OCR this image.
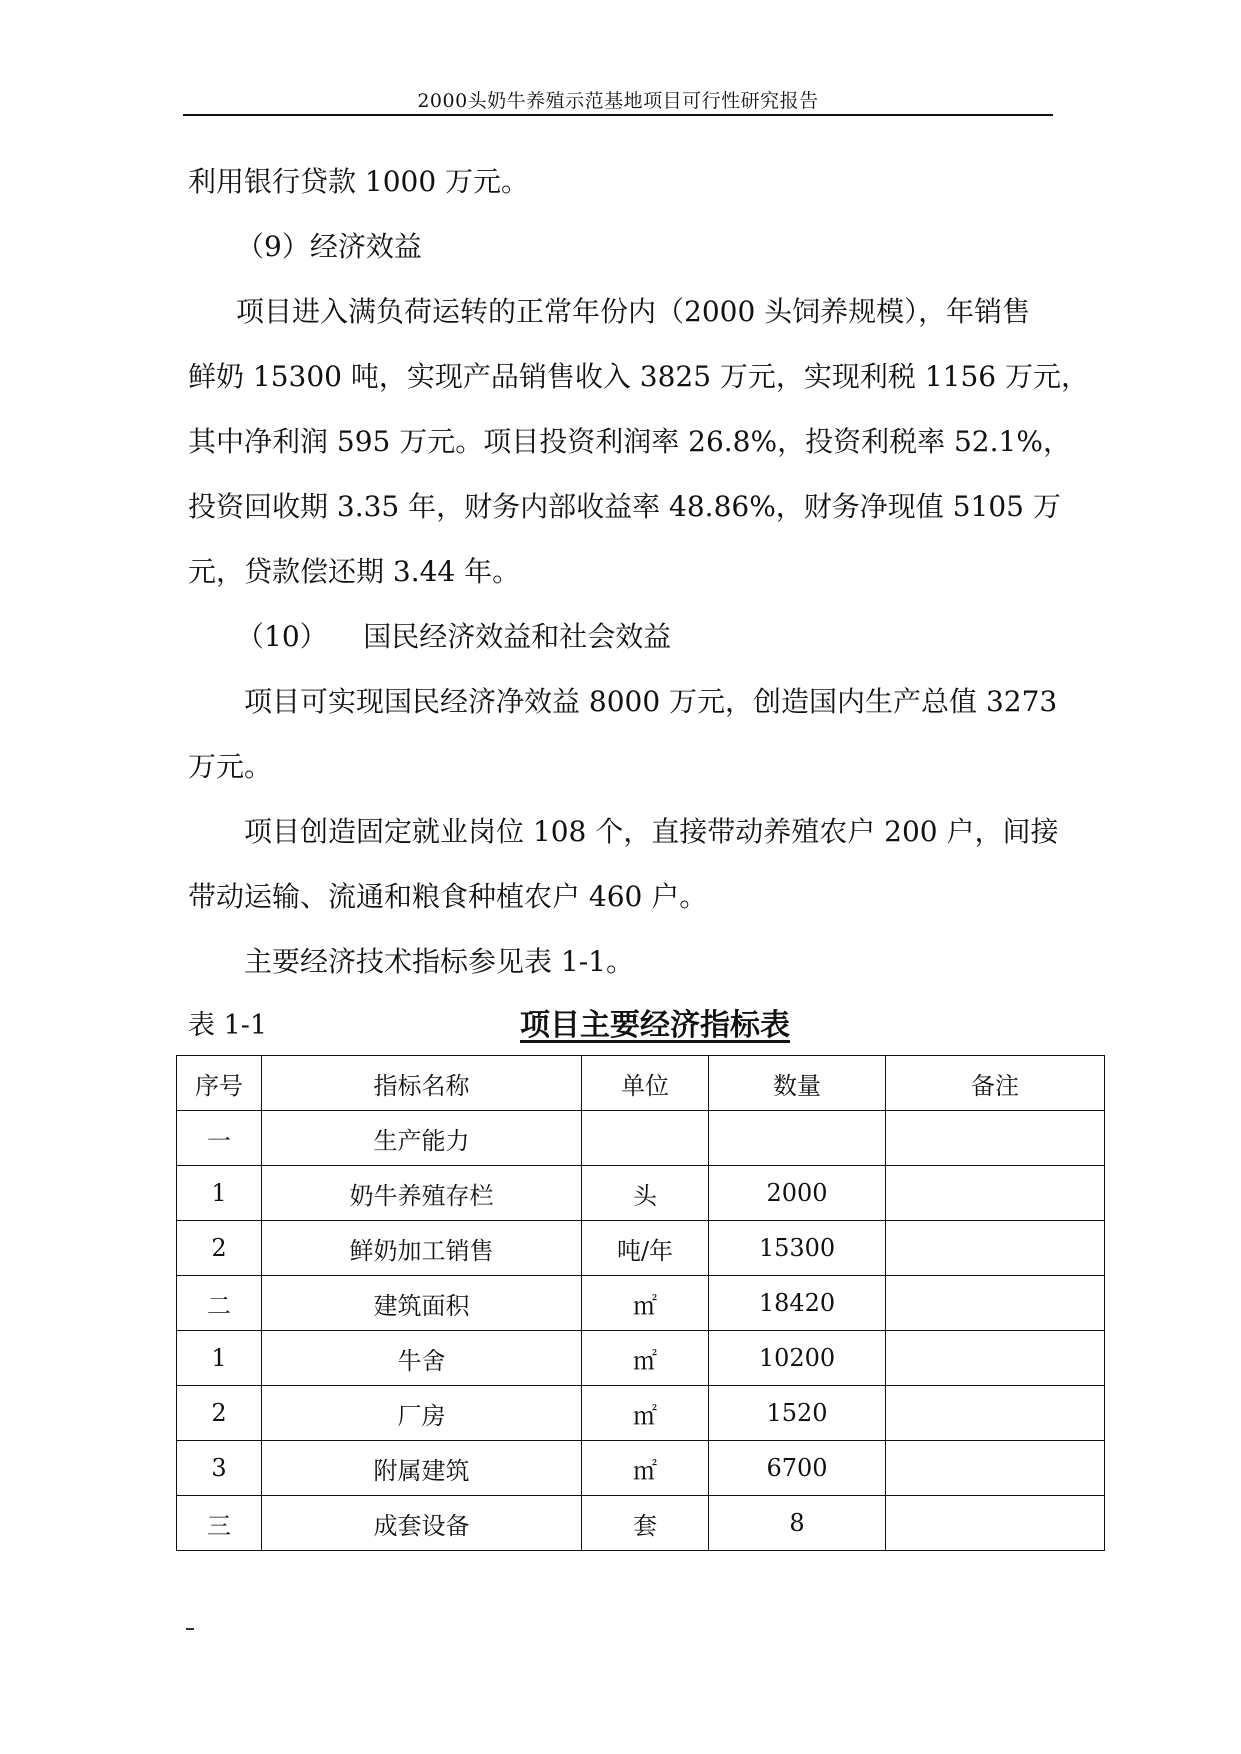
2000头奶牛养殖示范基地项目可行性研究报告
利用银行贷款 1000 万元。
（9）经济效益
项目进入满负荷运转的正常年份内（2000 头饲养规模），年销售
鲜奶 15300 吨，实现产品销售收入 3825 万元，实现利税 1156 万元，
其中净利润 595 万元。项目投资利润率 26.8%，投资利税率 52.1%，
投资回收期 3.35 年，财务内部收益率 48.86%，财务净现值 5105 万
元，贷款偿还期 3.44 年。
（10）    国民经济效益和社会效益
项目可实现国民经济净效益 8000 万元，创造国内生产总值 3273
万元。
项目创造固定就业岗位 108 个，直接带动养殖农户 200 户，间接
带动运输、流通和粮食种植农户 460 户。
主要经济技术指标参见表 1-1。
表 1-1	项目主要经济指标表
序号	指标名称	单位	数量	备注
一	生产能力			
1	奶牛养殖存栏	头	2000	
2	鲜奶加工销售	吨/年	15300	
二	建筑面积	㎡	18420	
1	牛舍	㎡	10200	
2	厂房	㎡	1520	
3	附属建筑	㎡	6700	
三	成套设备	套	8	
